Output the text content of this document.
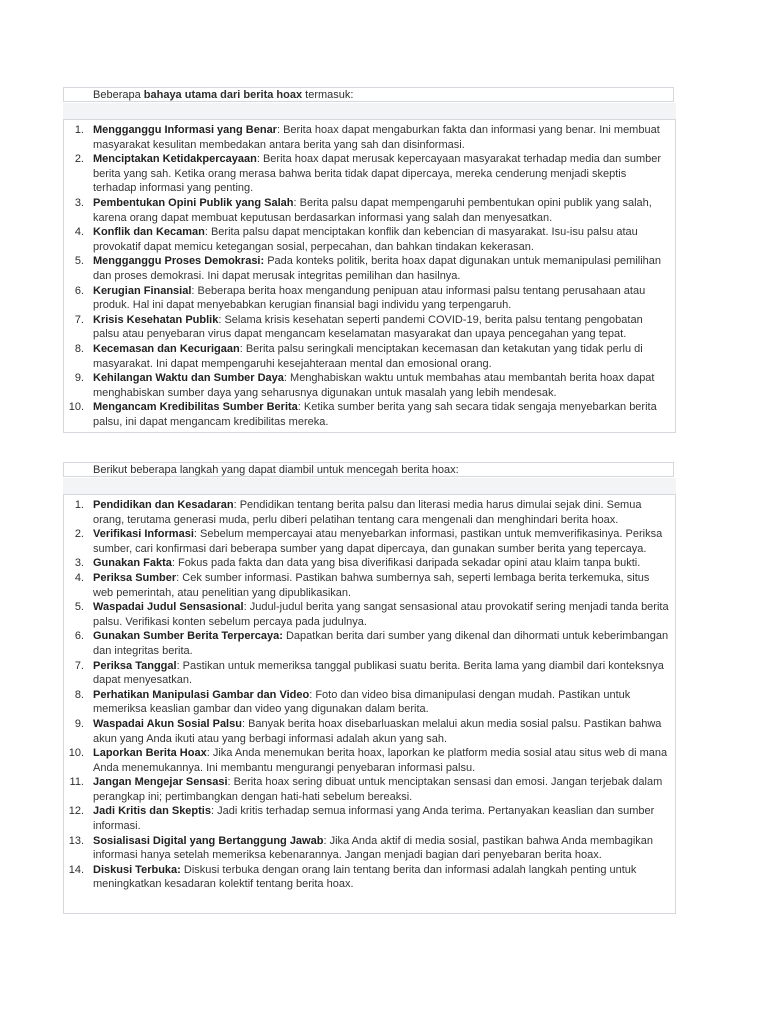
Beberapa bahaya utama dari berita hoax termasuk:
1. Mengganggu Informasi yang Benar: Berita hoax dapat mengaburkan fakta dan informasi yang benar. Ini membuat masyarakat kesulitan membedakan antara berita yang sah dan disinformasi.
2. Menciptakan Ketidakpercayaan: Berita hoax dapat merusak kepercayaan masyarakat terhadap media dan sumber berita yang sah. Ketika orang merasa bahwa berita tidak dapat dipercaya, mereka cenderung menjadi skeptis terhadap informasi yang penting.
3. Pembentukan Opini Publik yang Salah: Berita palsu dapat mempengaruhi pembentukan opini publik yang salah, karena orang dapat membuat keputusan berdasarkan informasi yang salah dan menyesatkan.
4. Konflik dan Kecaman: Berita palsu dapat menciptakan konflik dan kebencian di masyarakat. Isu-isu palsu atau provokatif dapat memicu ketegangan sosial, perpecahan, dan bahkan tindakan kekerasan.
5. Mengganggu Proses Demokrasi: Pada konteks politik, berita hoax dapat digunakan untuk memanipulasi pemilihan dan proses demokrasi. Ini dapat merusak integritas pemilihan dan hasilnya.
6. Kerugian Finansial: Beberapa berita hoax mengandung penipuan atau informasi palsu tentang perusahaan atau produk. Hal ini dapat menyebabkan kerugian finansial bagi individu yang terpengaruh.
7. Krisis Kesehatan Publik: Selama krisis kesehatan seperti pandemi COVID-19, berita palsu tentang pengobatan palsu atau penyebaran virus dapat mengancam keselamatan masyarakat dan upaya pencegahan yang tepat.
8. Kecemasan dan Kecurigaan: Berita palsu seringkali menciptakan kecemasan dan ketakutan yang tidak perlu di masyarakat. Ini dapat mempengaruhi kesejahteraan mental dan emosional orang.
9. Kehilangan Waktu dan Sumber Daya: Menghabiskan waktu untuk membahas atau membantah berita hoax dapat menghabiskan sumber daya yang seharusnya digunakan untuk masalah yang lebih mendesak.
10. Mengancam Kredibilitas Sumber Berita: Ketika sumber berita yang sah secara tidak sengaja menyebarkan berita palsu, ini dapat mengancam kredibilitas mereka.
Berikut beberapa langkah yang dapat diambil untuk mencegah berita hoax:
1. Pendidikan dan Kesadaran: Pendidikan tentang berita palsu dan literasi media harus dimulai sejak dini. Semua orang, terutama generasi muda, perlu diberi pelatihan tentang cara mengenali dan menghindari berita hoax.
2. Verifikasi Informasi: Sebelum mempercayai atau menyebarkan informasi, pastikan untuk memverifikasinya. Periksa sumber, cari konfirmasi dari beberapa sumber yang dapat dipercaya, dan gunakan sumber berita yang tepercaya.
3. Gunakan Fakta: Fokus pada fakta dan data yang bisa diverifikasi daripada sekadar opini atau klaim tanpa bukti.
4. Periksa Sumber: Cek sumber informasi. Pastikan bahwa sumbernya sah, seperti lembaga berita terkemuka, situs web pemerintah, atau penelitian yang dipublikasikan.
5. Waspadai Judul Sensasional: Judul-judul berita yang sangat sensasional atau provokatif sering menjadi tanda berita palsu. Verifikasi konten sebelum percaya pada judulnya.
6. Gunakan Sumber Berita Terpercaya: Dapatkan berita dari sumber yang dikenal dan dihormati untuk keberimbangan dan integritas berita.
7. Periksa Tanggal: Pastikan untuk memeriksa tanggal publikasi suatu berita. Berita lama yang diambil dari konteksnya dapat menyesatkan.
8. Perhatikan Manipulasi Gambar dan Video: Foto dan video bisa dimanipulasi dengan mudah. Pastikan untuk memeriksa keaslian gambar dan video yang digunakan dalam berita.
9. Waspadai Akun Sosial Palsu: Banyak berita hoax disebarluaskan melalui akun media sosial palsu. Pastikan bahwa akun yang Anda ikuti atau yang berbagi informasi adalah akun yang sah.
10. Laporkan Berita Hoax: Jika Anda menemukan berita hoax, laporkan ke platform media sosial atau situs web di mana Anda menemukannya. Ini membantu mengurangi penyebaran informasi palsu.
11. Jangan Mengejar Sensasi: Berita hoax sering dibuat untuk menciptakan sensasi dan emosi. Jangan terjebak dalam perangkap ini; pertimbangkan dengan hati-hati sebelum bereaksi.
12. Jadi Kritis dan Skeptis: Jadi kritis terhadap semua informasi yang Anda terima. Pertanyakan keaslian dan sumber informasi.
13. Sosialisasi Digital yang Bertanggung Jawab: Jika Anda aktif di media sosial, pastikan bahwa Anda membagikan informasi hanya setelah memeriksa kebenarannya. Jangan menjadi bagian dari penyebaran berita hoax.
14. Diskusi Terbuka: Diskusi terbuka dengan orang lain tentang berita dan informasi adalah langkah penting untuk meningkatkan kesadaran kolektif tentang berita hoax.
